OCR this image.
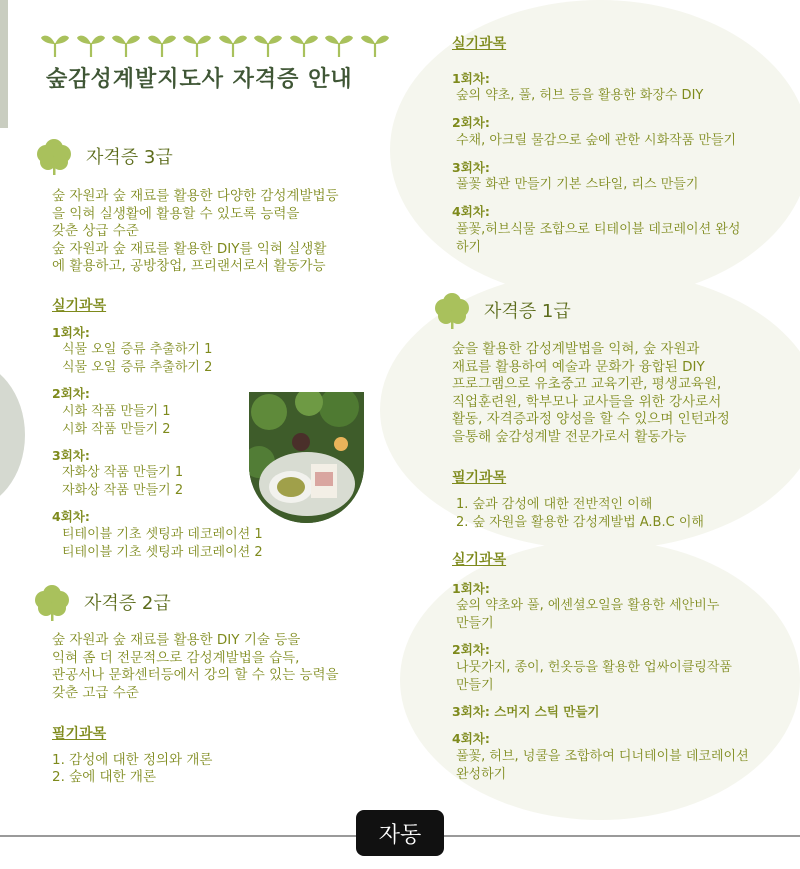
숲감성계발지도사 자격증 안내
자격증 3급
숲 자원과 숲 재료를 활용한 다양한 감성계발법등
을 익혀 실생활에 활용할 수 있도록 능력을
갖춘 상급 수준
숲 자원과 숲 재료를 활용한 DIY를 익혀 실생활
에 활용하고, 공방창업, 프리랜서로서 활동가능
실기과목
1회차:
식물 오일 증류 추출하기 1
식물 오일 증류 추출하기 2
2회차:
시화 작품 만들기 1
시화 작품 만들기 2
3회차:
자화상 작품 만들기 1
자화상 작품 만들기 2
4회차:
티테이블 기초 셋팅과 데코레이션 1
티테이블 기초 셋팅과 데코레이션 2
자격증 2급
숲 자원과 숲 재료를 활용한 DIY 기술 등을
익혀 좀 더 전문적으로 감성계발법을 습득,
관공서나 문화센터등에서 강의 할 수 있는 능력을
갖춘 고급 수준
필기과목
1. 감성에 대한 정의와 개론
2. 숲에 대한 개론
실기과목
1회차:
숲의 약초, 풀, 허브 등을 활용한 화장수 DIY
2회차:
수채, 아크릴 물감으로 숲에 관한 시화작품 만들기
3회차:
풀꽃 화관 만들기 기본 스타일, 리스 만들기
4회차:
풀꽃,허브식물 조합으로 티테이블 데코레이션 완성
하기
자격증 1급
숲을 활용한 감성계발법을 익혀, 숲 자원과
재료를 활용하여 예술과 문화가 융합된 DIY
프로그램으로 유초중고 교육기관, 평생교육원,
직업훈련원, 학부모나 교사들을 위한 강사로서
활동, 자격증과정 양성을 할 수 있으며 인턴과정
을통해 숲감성계발 전문가로서 활동가능
필기과목
1. 숲과 감성에 대한 전반적인 이해
2. 숲 자원을 활용한 감성계발법 A.B.C 이해
실기과목
1회차:
숲의 약초와 풀, 에센셜오일을 활용한 세안비누
만들기
2회차:
나뭇가지, 종이, 헌옷등을 활용한 업싸이클링작품
만들기
3회차: 스머지 스틱 만들기
4회차:
풀꽃, 허브, 넝쿨을 조합하여 디너테이블 데코레이션
완성하기
자동
